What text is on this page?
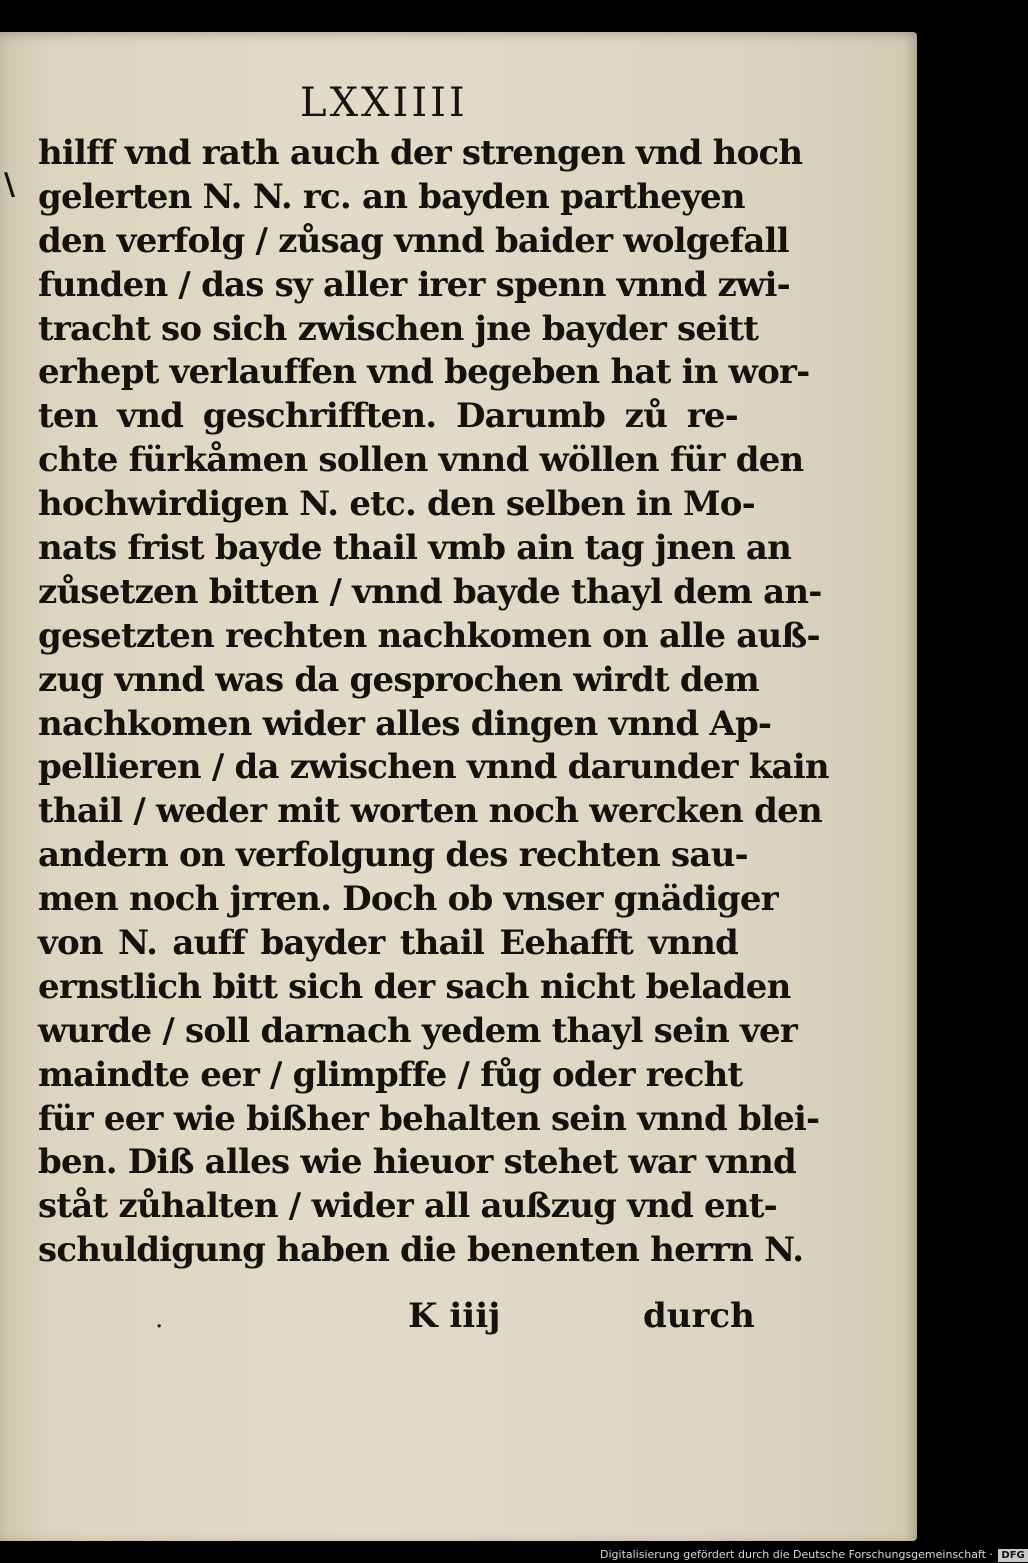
LXXIIII
\
hilff vnd rath auch der strengen vnd hoch
gelerten N. N. rc. an bayden partheyen
den verfolg / zůsag vnnd baider wolgefall
funden / das sy aller irer spenn vnnd zwi‑
tracht so sich zwischen jne bayder seitt
erhept verlauffen vnd begeben hat in wor‑
ten vnd geschrifften. Darumb zů re‑
chte fürkåmen sollen vnnd wöllen für den
hochwirdigen N. etc. den selben in Mo‑
nats frist bayde thail vmb ain tag jnen an
zůsetzen bitten / vnnd bayde thayl dem an‑
gesetzten rechten nachkomen on alle auß‑
zug vnnd was da gesprochen wirdt dem
nachkomen wider alles dingen vnnd Ap‑
pellieren / da zwischen vnnd darunder kain
thail / weder mit worten noch wercken den
andern on verfolgung des rechten sau‑
men noch jrren. Doch ob vnser gnädiger
von N. auff bayder thail Eehafft vnnd
ernstlich bitt sich der sach nicht beladen
wurde / soll darnach yedem thayl sein ver
maindte eer / glimpffe / fůg oder recht
für eer wie bißher behalten sein vnnd blei‑
ben. Diß alles wie hieuor stehet war vnnd
ståt zůhalten / wider all außzug vnd ent‑
schuldigung haben die benenten herrn N.
.	K iiij	durch
Digitalisierung gefördert durch die Deutsche Forschungsgemeinschaft · DFG
